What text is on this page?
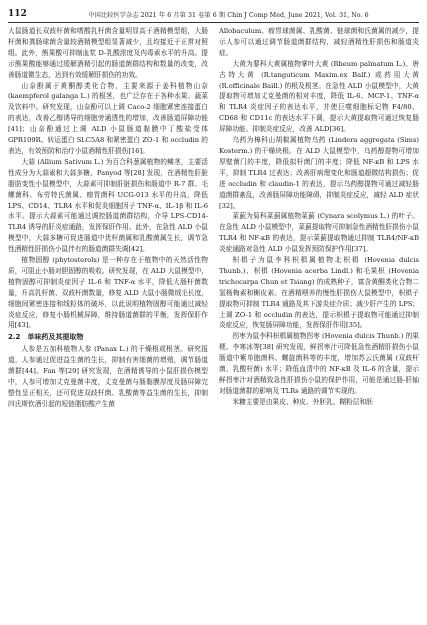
112	中国比较医学杂志 2021 年 6 月第 31 卷第 6 期 Chin J Comp Med, June 2021, Vol. 31, No. 6

大鼠肠道长双歧杆菌和嗜酸乳杆菌含量明显高于酒精模型组，大肠杆菌和粪肠球菌含量较酒精模型组显著减少，且均接近于正常对照组。此外，熊果酸可抑制血浆 D-乳酸浓度及内毒素水平的升高。提示熊果酸能够通过缓解酒精引起的肠道菌群结构和数量的改变，改善肠道微生态，达到有效缓解肝损伤的功效。

山奈酚属于黄酮醇类化合物，主要来源于姜科植物山奈 (kaempferol galanga L.) 的根茎，也广泛存在于各种水果、蔬菜及饮料中。研究发现，山奈酚可以上调 Caco-2 细胞紧密连接蛋白的表达，改善乙醇诱导的细胞旁通透性的增加，改善肠道屏障功能[41]；山奈酚通过上调 ALD 小鼠肠道黏膜中丁酸盐受体 GPR109R、转运蛋白 SLC5A8 和紧密蛋白 ZO-1 和 occludin 的表达，有效预防和治疗小鼠酒精性肝损伤[16]。

大蒜 (Allium Sativum L.) 为百合科葱属植物的鳞茎，主要活性成分为大蒜素和大蒜多糖。Panyod 等[28] 发现，在酒精性肝脏脂肪变性小鼠模型中，大蒜素可抑制肝脏损伤和肠道中 R-7 群、毛螺菌科、布劳特氏菌属、瘤胃菌科 UCG-013 水平的升高，降低 LPS、CD14、TLR4 水平和促炎细胞因子 TNF-α、IL-1β 和 IL-6 水平。提示大蒜素可能通过调控肠道菌群结构，介导 LPS-CD14-TLR4 诱导的肝炎症通路，发挥保肝作用。此外，在急性 ALD 小鼠模型中，大蒜多糖可促进肠道中优杆菌属和乳酸菌属生长，调节急性酒精性肝损伤小鼠伴有的肠道菌群失调[42]。

植物固醇 (phytosterols) 是一种存在于植物中的天然活性物质，可阻止小肠对胆固醇的吸收。研究发现，在 ALD 大鼠模型中，植物固醇可抑制炎症因子 IL-6 和 TNF-α 水平，降低大肠杆菌数量，升高乳杆菌、双歧杆菌数量，修复 ALD 大鼠小肠微绒毛长度，细胞间紧密连接和线粒体的破坏，以此说明植物固醇可能通过减轻炎症反应，修复小肠机械屏障，维持肠道菌群的平衡，发挥保肝作用[43]。

2.2　单味药及其提取物

人参是五加科植物人参 (Panax L.) 的干燥根或根茎。研究报道，人参通过促进益生菌的生长，抑制有害细菌的增殖，调节肠道菌群[44]。Fan 等[29] 研究发现，在酒精诱导的小鼠肝损伤模型中，人参可增加丈克曼菌丰度，丈克曼菌与肠黏膜厚度及肠屏障完整性呈正相关，还可促进双歧杆菌、乳酸菌等益生菌的生长，抑制四氏斯钦酒引起的短链脂肪酸产生菌

Allobaculum、瘤胃球菌属、乳酸菌、链球菌和氏菌属的减少，提示人参可以通过调节肠道菌群结构，减轻酒精性肝损伤和肠道炎症。

大黄为蓼科大黄属植物掌叶大黄 (Rheum palmatum L.)、唐古特大黄 (R.tanguticum Maxim.ex Balf.) 或药用大黄 (R.officinale Baill.) 的根及根茎。在急性 ALD 小鼠模型中，大黄提取物可增加丈克曼菌的相对丰度，降低 IL-6、MCP-1、TNF-α 和 TLR4 炎症因子的表达水平，并使巨噬细胞标记物 F4/80、CD68 和 CD11c 的表达水平下调，提示大黄提取物可通过恢复肠屏障功能、抑制炎症反应，改善 ALD[36]。

乌药为樟科山胡椒属植物乌药 (Lindera aggregata (Sims) Kosterm.) 的干燥块根。在 ALD 大鼠模型中，乌药醇提物可增加厚壁菌门的丰度，降低拟杆菌门的丰度；降低 NF-κB 和 LPS 水平，抑制 TLR4 过表达；改善肝病理变化和肠道超微结构损伤；促进 occludin 和 claudin-1 的表达，提示乌药醇提物可通过减轻肠道菌群紊乱，改善肠屏障功能障碍，抑制炎症反应，减轻 ALD 症状[32]。

菜蓟为菊科菜蓟属植物菜蓟 (Cynara scolymus L.) 的叶子。在急性 ALD 小鼠模型中，菜蓟提取物可抑制急性酒精性肝损伤小鼠 TLR4 和 NF-κB 的表达，提示菜蓟提取物通过抑制 TLR4/NF-κB 炎症通路对急性 ALD 小鼠发挥预防保护作用[37]。

枳椇子为鼠李科枳椇属植物北枳椇 (Hovenia dulcis Thunb.)、枳椇 (Hovenia acerba Lindl.) 和毛果枳 (Hovenia trichocarpa Chun et Tsiang) 的成熟种子，富含黄酮类化合物二氢杨梅素和槲皮素。在酒精喂养的慢性肝损伤大鼠模型中，枳椇子提取物可抑制 TLR4 通路及其下游炎症介质；减少肝产生的 LPS；上调 ZO-1 和 occludin 的表达，提示枳椇子提取物可能通过抑制炎症反应，恢复肠屏障功能，发挥保肝作用[35]。

拐枣为鼠李科枳椇属植物拐枣 (Hovenia dulcis Thunb.) 的果梗。李寒冰等[38] 研究发现，鲜拐枣汁可降低急性酒精肝损伤小鼠肠道中紫单胞菌科、螺旋菌科等的丰度，增加苏云氏菌属 (双歧杆菌、乳酸杆菌) 水平；降低血清中的 NF-κB 及 IL-6 的含量，提示鲜拐枣汁对酒精致急性肝损伤小鼠的保护作用，可能是通过肠-肝轴对肠道菌群的影响及 TLRs 通路的调节实现的。

米糠主要是由果皮、种皮、外胚乳、糊粉层和胚
